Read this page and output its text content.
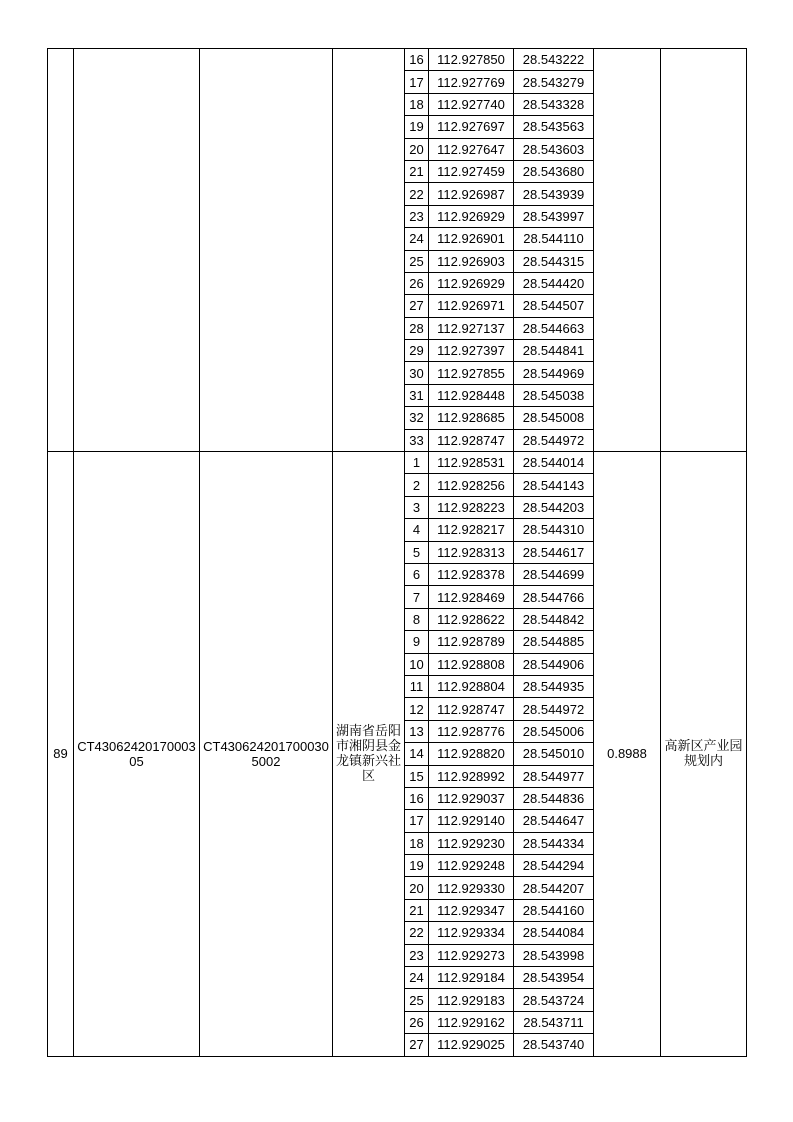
				16	112.927850	28.543222		
				17	112.927769	28.543279		
				18	112.927740	28.543328		
				19	112.927697	28.543563		
				20	112.927647	28.543603		
				21	112.927459	28.543680		
				22	112.926987	28.543939		
				23	112.926929	28.543997		
				24	112.926901	28.544110		
				25	112.926903	28.544315		
				26	112.926929	28.544420		
				27	112.926971	28.544507		
				28	112.927137	28.544663		
				29	112.927397	28.544841		
				30	112.927855	28.544969		
				31	112.928448	28.545038		
				32	112.928685	28.545008		
				33	112.928747	28.544972		
89	CT43062420170003 05	CT430624201700030 5002	湖南省岳阳市湘阴县金龙镇新兴社区	1	112.928531	28.544014	0.8988	高新区产业园规划内
				2	112.928256	28.544143		
				3	112.928223	28.544203		
				4	112.928217	28.544310		
				5	112.928313	28.544617		
				6	112.928378	28.544699		
				7	112.928469	28.544766		
				8	112.928622	28.544842		
				9	112.928789	28.544885		
				10	112.928808	28.544906		
				11	112.928804	28.544935		
				12	112.928747	28.544972		
				13	112.928776	28.545006		
				14	112.928820	28.545010		
				15	112.928992	28.544977		
				16	112.929037	28.544836		
				17	112.929140	28.544647		
				18	112.929230	28.544334		
				19	112.929248	28.544294		
				20	112.929330	28.544207		
				21	112.929347	28.544160		
				22	112.929334	28.544084		
				23	112.929273	28.543998		
				24	112.929184	28.543954		
				25	112.929183	28.543724		
				26	112.929162	28.543711		
				27	112.929025	28.543740		
